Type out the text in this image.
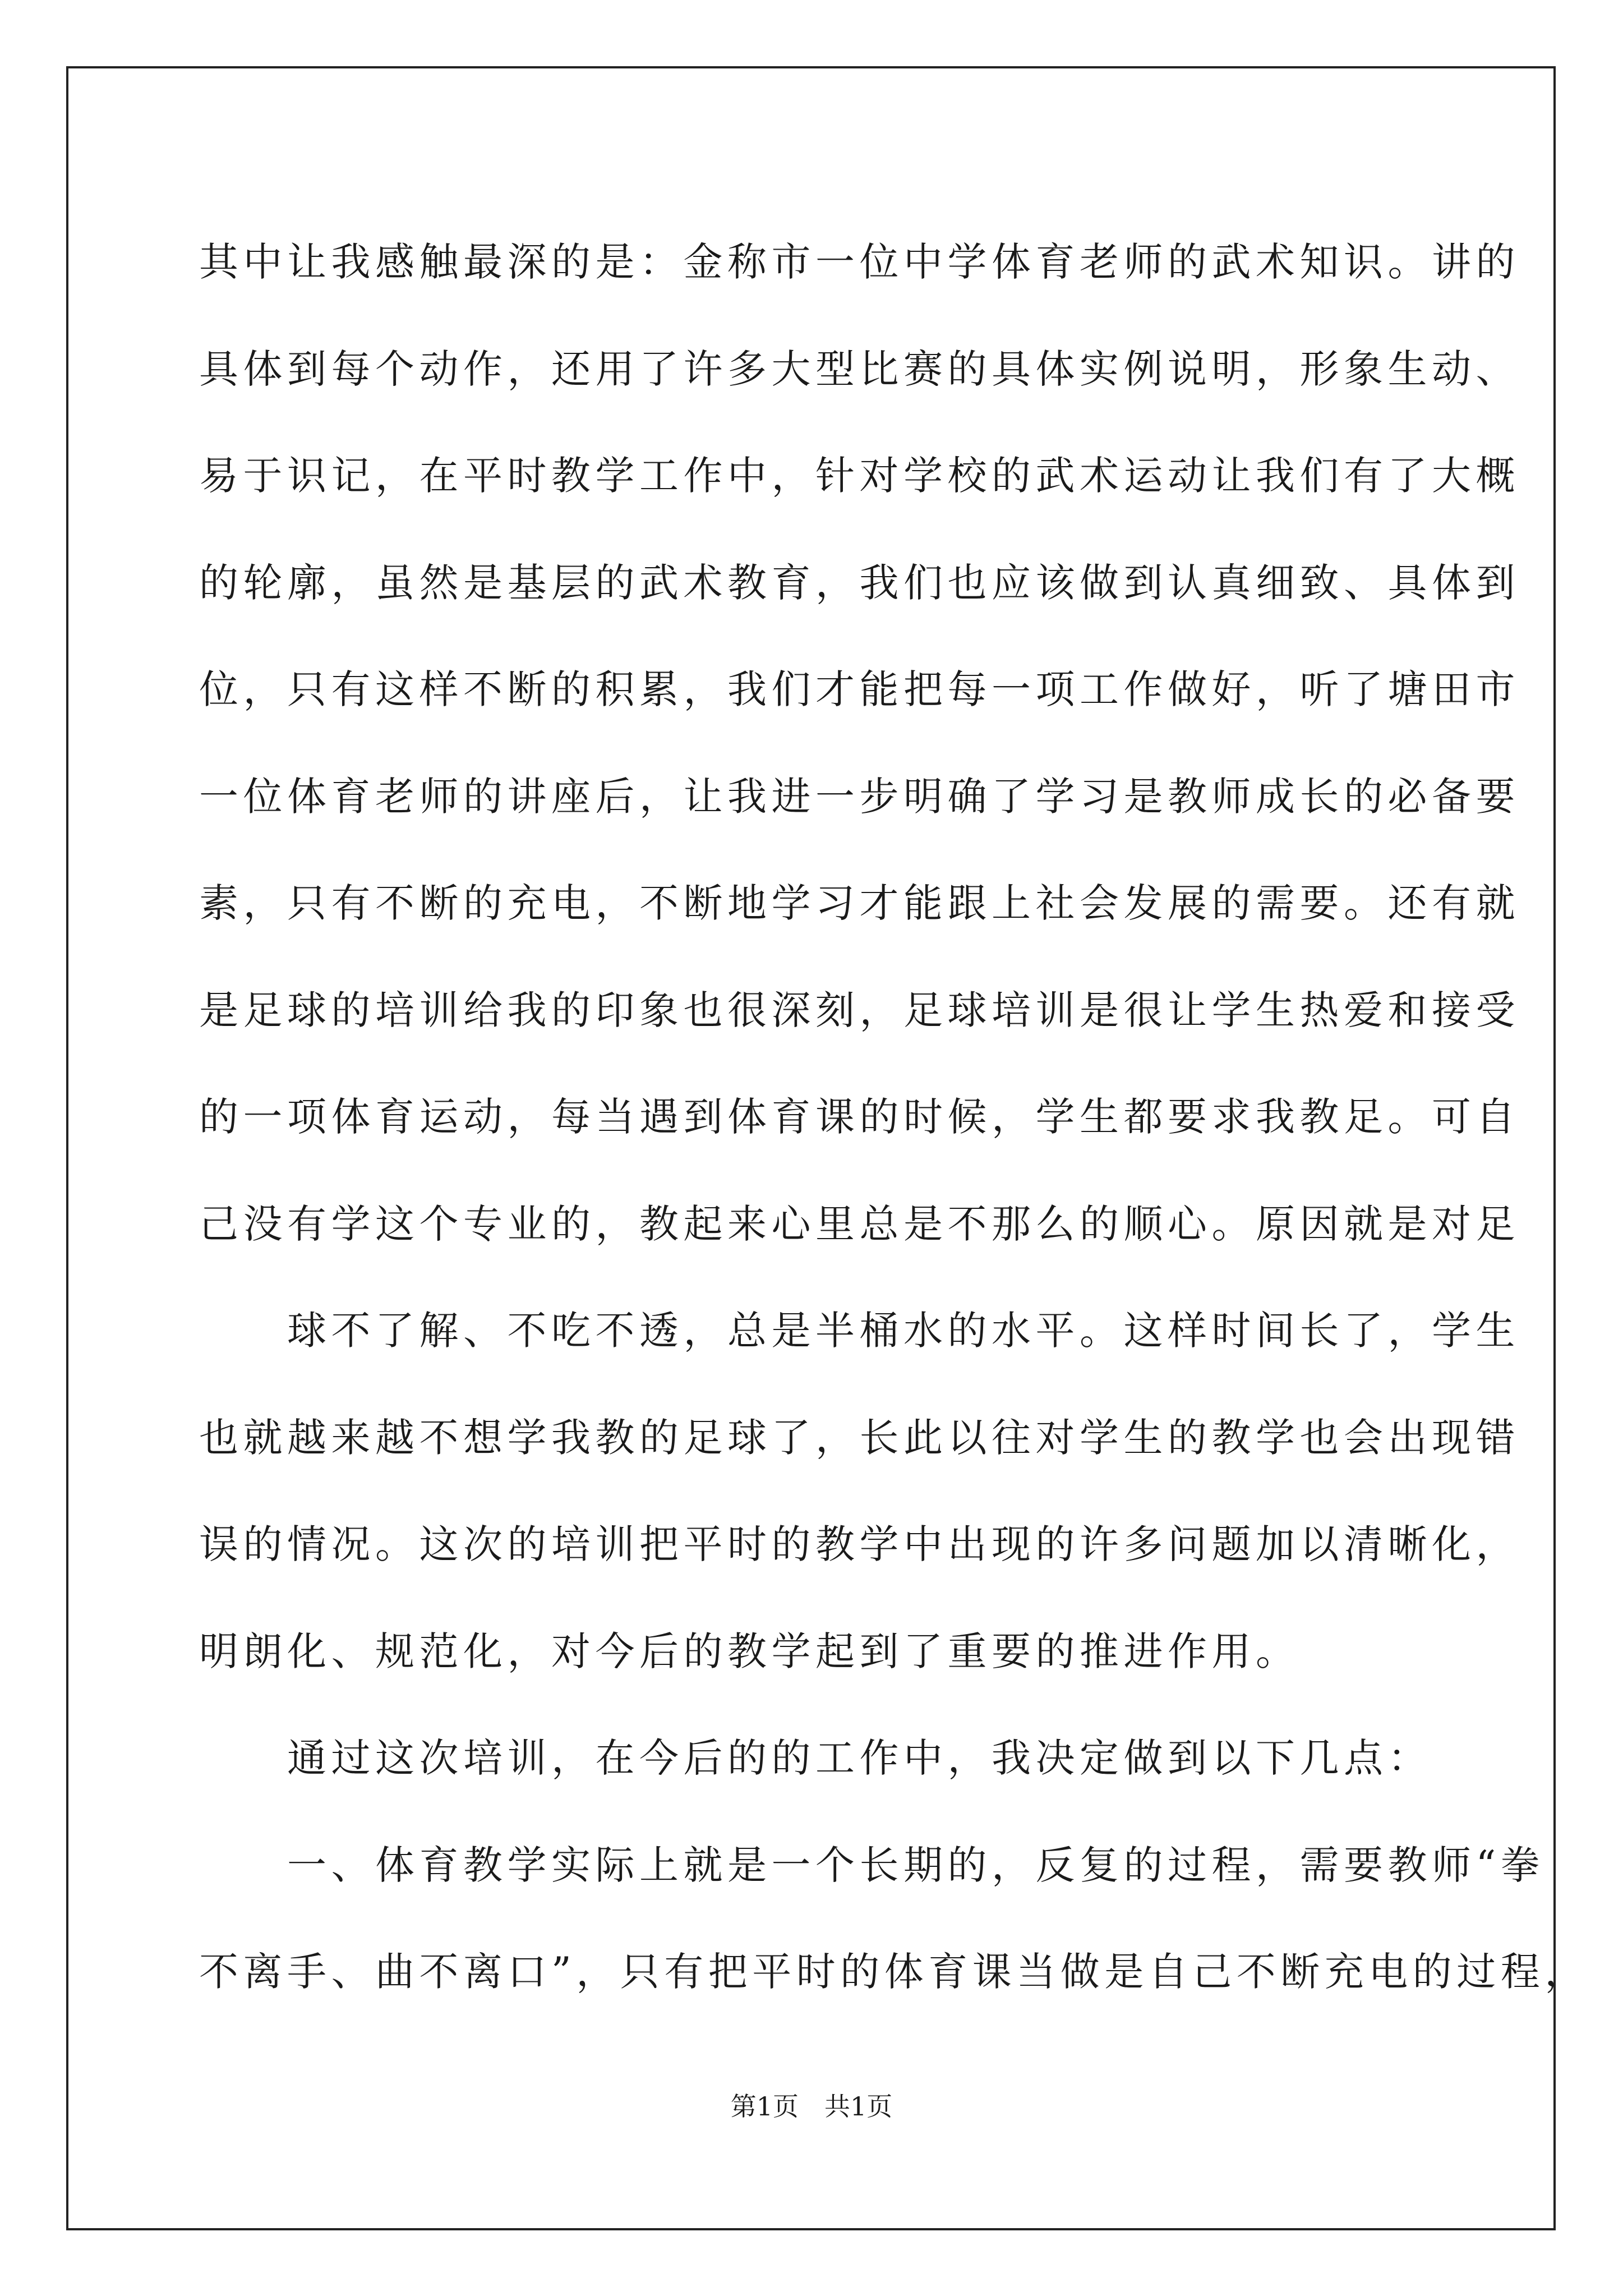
其中让我感触最深的是：金称市一位中学体育老师的武术知识。讲的
具体到每个动作，还用了许多大型比赛的具体实例说明，形象生动、
易于识记，在平时教学工作中，针对学校的武术运动让我们有了大概
的轮廓，虽然是基层的武术教育，我们也应该做到认真细致、具体到
位，只有这样不断的积累，我们才能把每一项工作做好，听了塘田市
一位体育老师的讲座后，让我进一步明确了学习是教师成长的必备要
素，只有不断的充电，不断地学习才能跟上社会发展的需要。还有就
是足球的培训给我的印象也很深刻，足球培训是很让学生热爱和接受
的一项体育运动，每当遇到体育课的时候，学生都要求我教足。可自
己没有学这个专业的，教起来心里总是不那么的顺心。原因就是对足
　　球不了解、不吃不透，总是半桶水的水平。这样时间长了，学生
也就越来越不想学我教的足球了，长此以往对学生的教学也会出现错
误的情况。这次的培训把平时的教学中出现的许多问题加以清晰化，
明朗化、规范化，对今后的教学起到了重要的推进作用。
　　通过这次培训，在今后的的工作中，我决定做到以下几点：
　　一、体育教学实际上就是一个长期的，反复的过程，需要教师“拳
不离手、曲不离口”，只有把平时的体育课当做是自己不断充电的过程，
第1页　共1页
